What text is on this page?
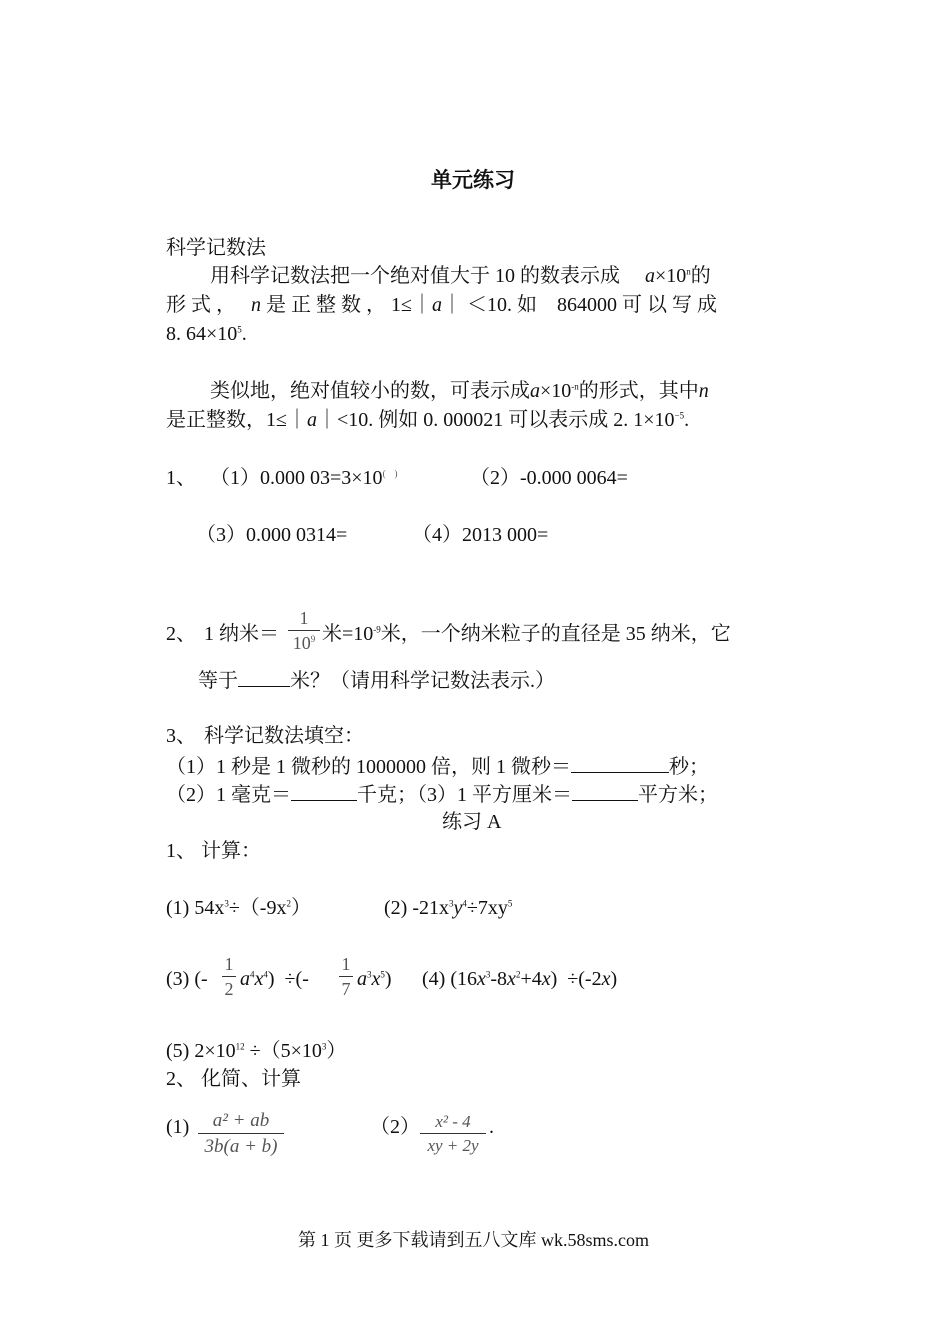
单元练习
科学记数法
用科学记数法把一个绝对值大于 10 的数表示成　 $a\times 10^n$的
形 式 ，　 n 是 正 整 数 ， 1≤｜a｜ ＜10. 如　864000 可 以 写 成
8. $64\times 10^5$.
类似地，绝对值较小的数，可表示成$a\times 10^{-n}$的形式，其中n
是正整数，1≤｜a｜<10. 例如 0. 000021 可以表示成 2. $1\times 10^{-5}$.
1、 （1）0.000 03=3×10(　)	（2）-0.000 0064=
（3）0.000 0314=	（4）2013 000=
2、 1 纳米＝
1
$10^9$ 米$=10^{-9}$米，一个纳米粒子的直径是 35 纳米，它
等于	米？（请用科学记数法表示.）
3、 科学记数法填空：
（1）1 秒是 1 微秒的 1000000 倍，则 1 微秒＝	秒；
（2）1 毫克＝	千克；（3）1 平方厘米＝	平方米；
练习 A
1、 计算：
(1) $54x^3\div(-9x^2)$	(2) $-21x^3y^4\div 7xy^5$
(3) (-
1
2 $a^4x^4$)  ÷(-
1
7 $a^3x^5$) (4) $(16x^3-8x^2+4x) \div(-2x)$
(5) $2\times 10^{12} \div(5\times 10^3)$
2、 化简、计算
(1)	a² + ab
3b(a + b)
（2） x² - 4
xy + 2y
.
第 1 页 更多下载请到五八文库 wk.58sms.com
